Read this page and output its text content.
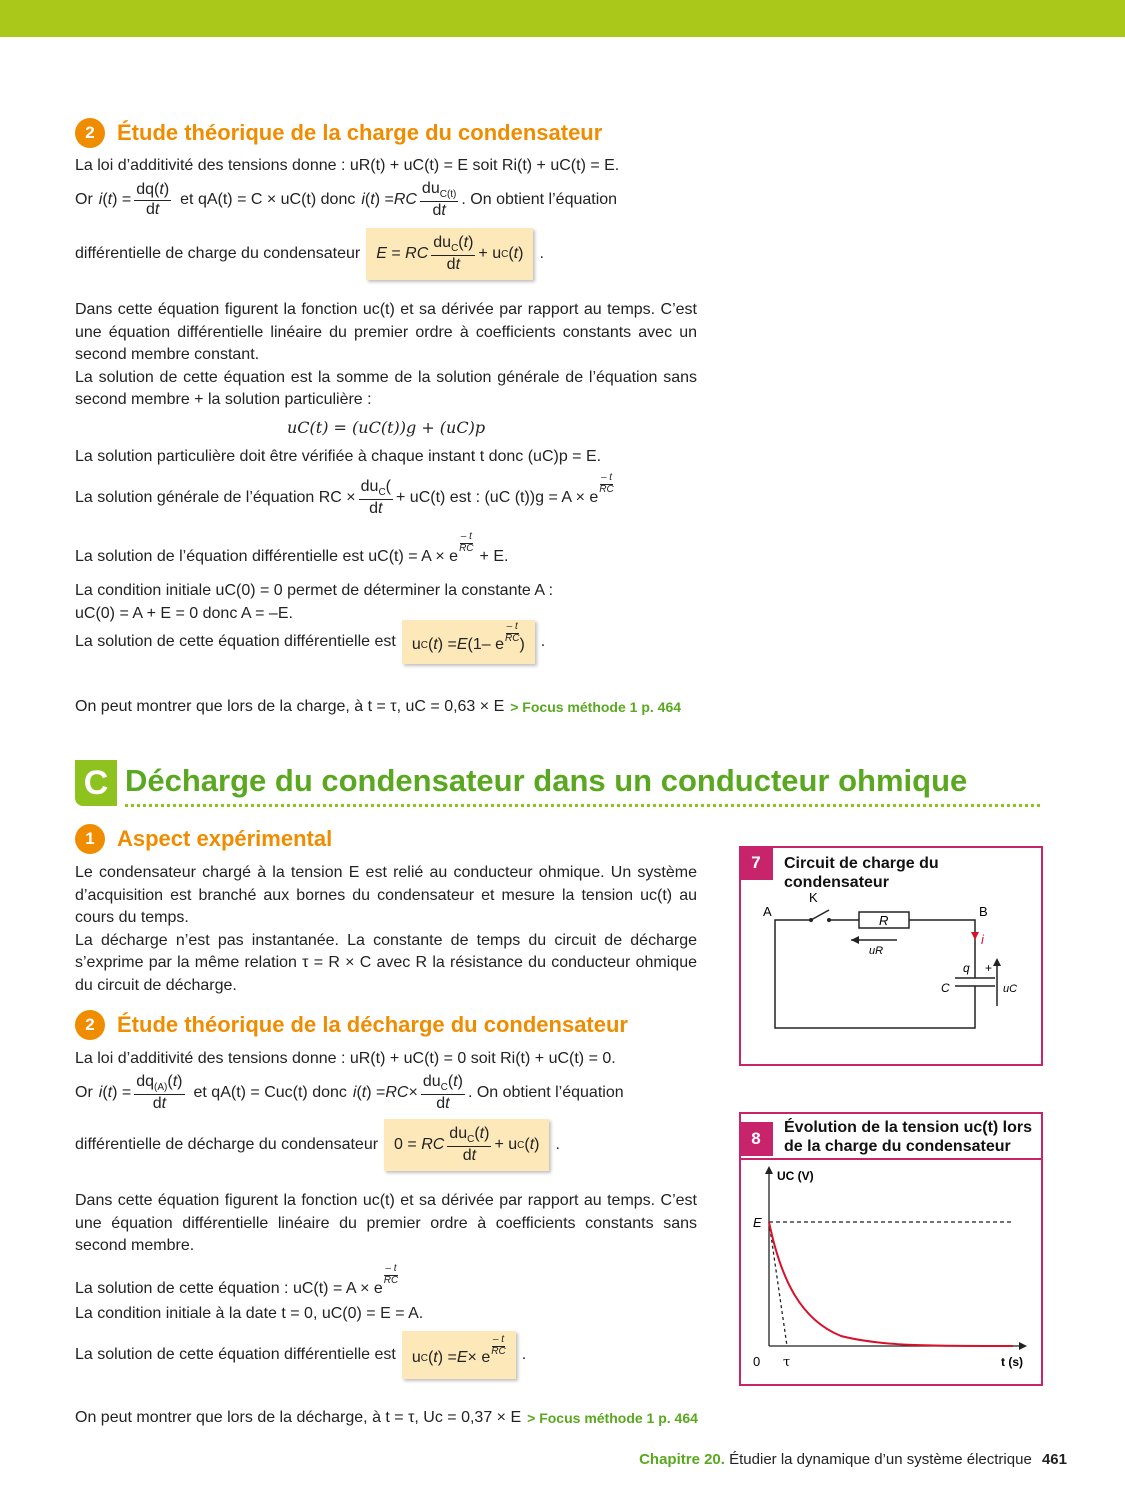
2	Étude théorique de la charge du condensateur

La loi d’additivité des tensions donne : uR(t) + uC(t) = E soit Ri(t) + uC(t) = E.

Or i ( t ) = $\frac{dq(t)}{dt}$ et qA(t) = C × uC(t) donc i ( t ) = RC $\frac{du_{C(t)}}{dt}$ . On obtient l’équation
différentielle de charge du condensateur E = RC $\frac{du_C(t)}{dt} + u$ C ( t )	.

Dans cette équation figurent la fonction uc(t) et sa dérivée par rapport au temps. C’est une équation différentielle linéaire du premier ordre à coefficients constants avec un second membre constant.

La solution de cette équation est la somme de la solution générale de l’équation sans second membre + la solution particulière :

uC(t) = (uC(t))g + (uC)p

La solution particulière doit être vérifiée à chaque instant t donc (uC)p = E.

La solution générale de l’équation RC × $\frac{du_C(}{dt} + uC(t)$ est : (uC (t))g = A × e
– t
RC
La solution de l’équation différentielle est uC(t) = A × e
– t
RC + E.

La condition initiale uC(0) = 0 permet de déterminer la constante A :

uC(0) = A + E = 0 donc A = –E.

La solution de cette équation différentielle est	u C ( t ) = E (1– e
– t
RC )	.
On peut montrer que lors de la charge, à t = τ, uC = 0,63 × E > Focus méthode 1 p. 464
C Décharge du condensateur dans un conducteur ohmique
1	Aspect expérimental

Le condensateur chargé à la tension E est relié au conducteur ohmique. Un système d’acquisition est branché aux bornes du condensateur et mesure la tension uc(t) au cours du temps.

La décharge n’est pas instantanée. La constante de temps du circuit de décharge s’exprime par la même relation τ = R × C avec R la résistance du conducteur ohmique du circuit de décharge.

2	Étude théorique de la décharge du condensateur

La loi d’additivité des tensions donne : uR(t) + uC(t) = 0 soit Ri(t) + uC(t) = 0.

Or i ( t ) = $\frac{dq_{(A)}(t)}{dt}$ et qA(t) = Cuc(t) donc i ( t ) = RC × $\frac{du_C(t)}{dt}$ . On obtient l’équation
différentielle de décharge du condensateur	0 = RC $\frac{du_C(t)}{dt} + u$ C ( t )	.

Dans cette équation figurent la fonction uc(t) et sa dérivée par rapport au temps. C’est une équation différentielle linéaire du premier ordre à coefficients constants sans second membre.

La solution de cette équation : uC(t) = A × e
– t
RC

La condition initiale à la date t = 0, uC(0) = E = A.

La solution de cette équation différentielle est	u C ( t ) = E × e
– t
RC .
On peut montrer que lors de la décharge, à t = τ, Uc = 0,37 × E > Focus méthode 1 p. 464
7	Circuit de charge du condensateur
A
K
R
B
uR
i
q +
C	uC
8
Évolution de la tension uc(t) lors de la charge du condensateur
UC (V)
t (s)
E
0 τ
Chapitre 20. Étudier la dynamique d’un système électrique 461
